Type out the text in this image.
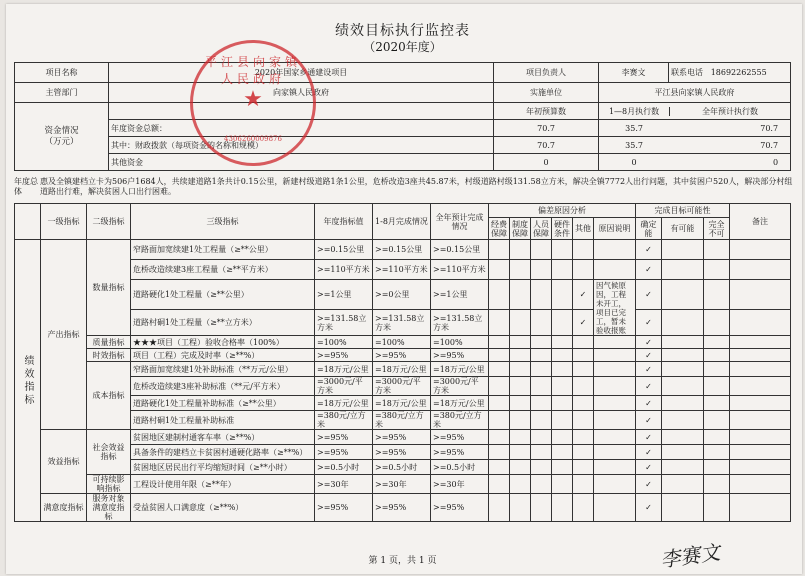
绩效目标执行监控表
（2020年度）
项目名称	2020年国家乡通建设项目	项目负责人	李赛文	联系电话 18692262555
主管部门	向家镇人民政府	实施单位	平江县向家镇人民政府	
资金情况
（万元）		年初预算数	1—8月执行数 全年预计执行数	

	年度资金总额：	70.7	35.7 70.7	

	其中：财政拨款（每项资金的名称和规模）	70.7	35.7 70.7	

	其他资金	0	0 0	
年度总体
惠及全镇建档立卡为506户1684人，共续建道路1条共计0.15公里，新建村级道路1条1公里，危桥改造3座共45.87米，村级道路村级131.58立方米，解决全镇7772人出行问题，其中贫困户520人，解决部分村组道路出行难，解决贫困人口出行困难。
	一级指标	二级指标	三级指标	年度指标值	1-8月完成情况	全年预计完成情况	偏差原因分析						完成目标可能性			备注
							经费保障	制度保障	人员保障	硬件条件	其他	原因说明	确定能	有可能	完全不可	
绩效指标	产出指标	数量指标	窄路面加宽续建1处工程量（≥**公里）	>=0.15公里	>=0.15公里	>=0.15公里							✓			
			危桥改造续建3座工程量（≥**平方米）	>=110平方米	>=110平方米	>=110平方米							✓			
			道路硬化1处工程量（≥**公里）	>=1公里	>=0公里	>=1公里					✓	因气候原因，工程未开工，项目已完工，暂未验收报账	✓			
			道路村硐1处工程量（≥**立方米）	>=131.58立方米	>=131.58立方米	>=131.58立方米					✓		✓			
		质量指标	★★★项目（工程）验收合格率（100%）	=100%	=100%	=100%							✓			
		时效指标	项目（工程）完成及时率（≥**%）	>=95%	>=95%	>=95%							✓			
		成本指标	窄路面加宽续建1处补助标准（**万元/公里）	=18万元/公里	=18万元/公里	=18万元/公里							✓			
			危桥改造续建3座补助标准（**元/平方米）	=3000元/平方米	=3000元/平方米	=3000元/平方米							✓			
			道路硬化1处工程量补助标准（≥**公里）	=18万元/公里	=18万元/公里	=18万元/公里							✓			
			道路村硐1处工程量补助标准	=380元/立方米	=380元/立方米	=380元/立方米							✓			
	效益指标	社会效益指标	贫困地区建制村通客车率（≥**%）	>=95%	>=95%	>=95%							✓			
			具备条件的建档立卡贫困村通硬化路率（≥**%）	>=95%	>=95%	>=95%							✓			
			贫困地区居民出行平均缩短时间（≥**小时）	>=0.5小时	>=0.5小时	>=0.5小时							✓			
		可持续影响指标	工程设计使用年限（≥**年）	>=30年	>=30年	>=30年							✓			
	满意度指标	服务对象满意度指标	受益贫困人口满意度（≥**%）	>=95%	>=95%	>=95%							✓			
平江县向家镇人民政府
★
4306260009876
第 1 页，共 1 页	李赛文
